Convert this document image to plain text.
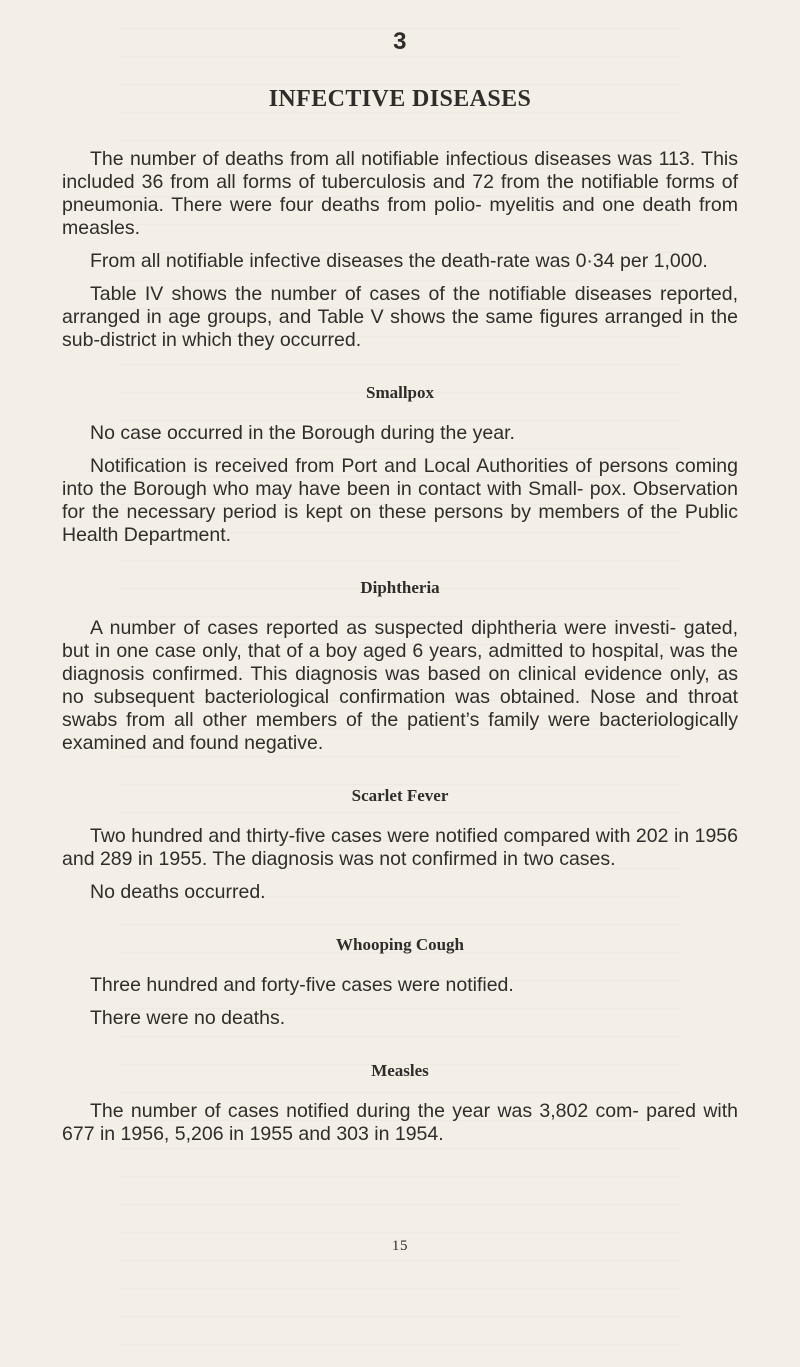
3
INFECTIVE DISEASES

The number of deaths from all notifiable infectious diseases was 113. This included 36 from all forms of tuberculosis and 72 from the notifiable forms of pneumonia. There were four deaths from polio- myelitis and one death from measles.

From all notifiable infective diseases the death-rate was 0·34 per 1,000.

Table IV shows the number of cases of the notifiable diseases reported, arranged in age groups, and Table V shows the same figures arranged in the sub-district in which they occurred.

Smallpox

No case occurred in the Borough during the year.

Notification is received from Port and Local Authorities of persons coming into the Borough who may have been in contact with Small- pox. Observation for the necessary period is kept on these persons by members of the Public Health Department.

Diphtheria

A number of cases reported as suspected diphtheria were investi- gated, but in one case only, that of a boy aged 6 years, admitted to hospital, was the diagnosis confirmed. This diagnosis was based on clinical evidence only, as no subsequent bacteriological confirmation was obtained. Nose and throat swabs from all other members of the patient’s family were bacteriologically examined and found negative.

Scarlet Fever

Two hundred and thirty-five cases were notified compared with 202 in 1956 and 289 in 1955. The diagnosis was not confirmed in two cases.

No deaths occurred.

Whooping Cough

Three hundred and forty-five cases were notified.

There were no deaths.

Measles

The number of cases notified during the year was 3,802 com- pared with 677 in 1956, 5,206 in 1955 and 303 in 1954.

15
